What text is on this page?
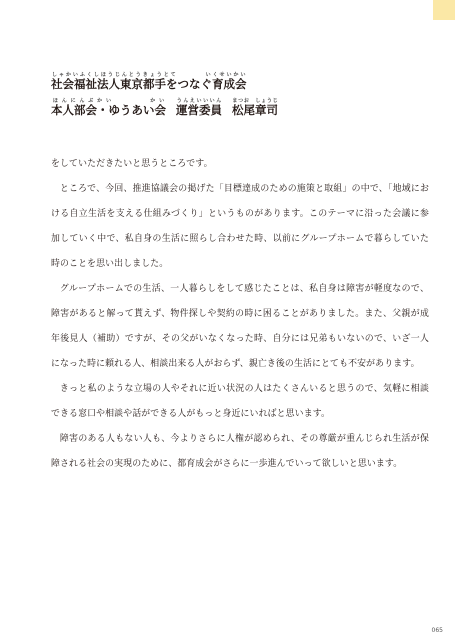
社会福祉法人東京都手をつなぐ育成会しゃかいふくしほうじんとうきょうとて　　　　いくせいかい

本人部会・ゆうあい会ほんにんぶかい　　　　かい運営委員うんえいいいん松尾章司まつお　しょうじ

をしていただきたいと思うところです。

ところで、今回、推進協議会の掲げた「目標達成のための施策と取組」の中で、「地域における自立生活を支える仕組みづくり」というものがあります。このテーマに沿った会議に参加していく中で、私自身の生活に照らし合わせた時、以前にグループホームで暮らしていた時のことを思い出しました。

グループホームでの生活、一人暮らしをして感じたことは、私自身は障害が軽度なので、障害があると解って貰えず、物件探しや契約の時に困ることがありました。また、父親が成年後見人（補助）ですが、その父がいなくなった時、自分には兄弟もいないので、いざ一人になった時に頼れる人、相談出来る人がおらず、親亡き後の生活にとても不安があります。

きっと私のような立場の人やそれに近い状況の人はたくさんいると思うので、気軽に相談できる窓口や相談や話ができる人がもっと身近にいればと思います。

障害のある人もない人も、今よりさらに人権が認められ、その尊厳が重んじられ生活が保障される社会の実現のために、都育成会がさらに一歩進んでいって欲しいと思います。

065
